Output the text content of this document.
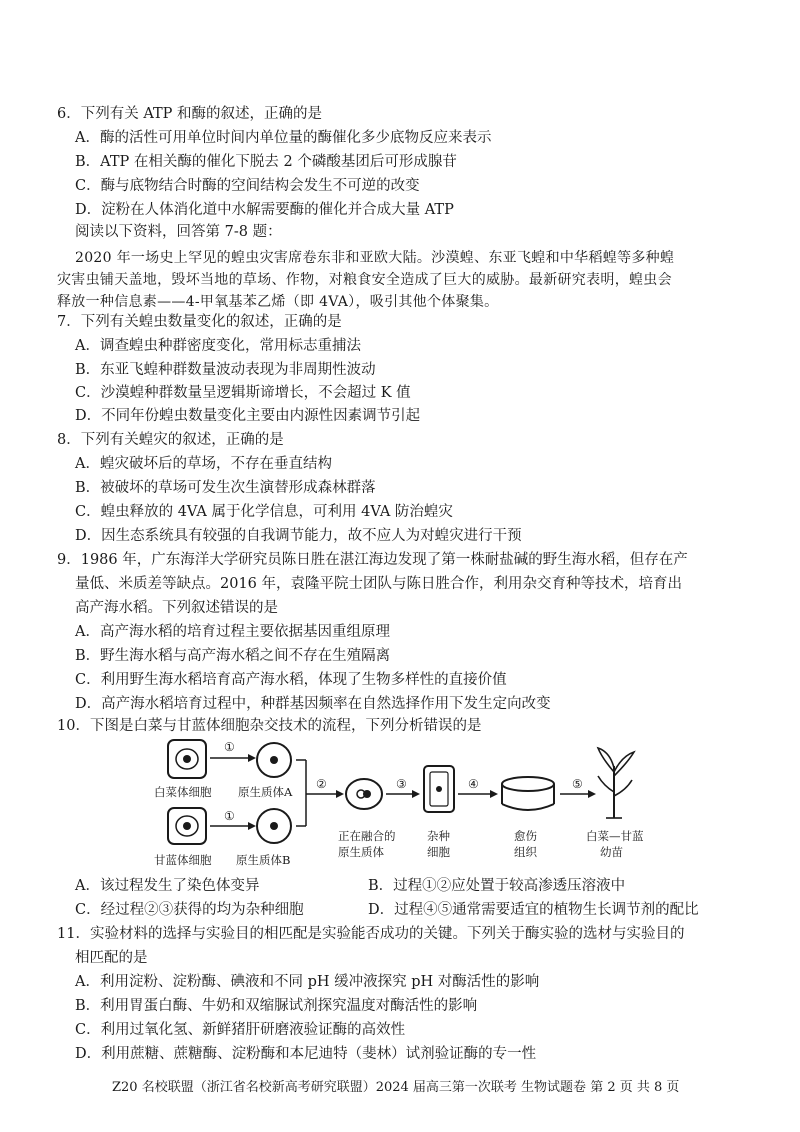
6．下列有关 ATP 和酶的叙述，正确的是
A．酶的活性可用单位时间内单位量的酶催化多少底物反应来表示
B．ATP 在相关酶的催化下脱去 2 个磷酸基团后可形成腺苷
C．酶与底物结合时酶的空间结构会发生不可逆的改变
D．淀粉在人体消化道中水解需要酶的催化并合成大量 ATP
阅读以下资料，回答第 7-8 题：
2020 年一场史上罕见的蝗虫灾害席卷东非和亚欧大陆。沙漠蝗、东亚飞蝗和中华稻蝗等多种蝗
灾害虫铺天盖地，毁坏当地的草场、作物，对粮食安全造成了巨大的威胁。最新研究表明，蝗虫会
释放一种信息素——4-甲氧基苯乙烯（即 4VA），吸引其他个体聚集。
7．下列有关蝗虫数量变化的叙述，正确的是
A．调查蝗虫种群密度变化，常用标志重捕法
B．东亚飞蝗种群数量波动表现为非周期性波动
C．沙漠蝗种群数量呈逻辑斯谛增长，不会超过 K 值
D．不同年份蝗虫数量变化主要由内源性因素调节引起
8．下列有关蝗灾的叙述，正确的是
A．蝗灾破坏后的草场，不存在垂直结构
B．被破坏的草场可发生次生演替形成森林群落
C．蝗虫释放的 4VA 属于化学信息，可利用 4VA 防治蝗灾
D．因生态系统具有较强的自我调节能力，故不应人为对蝗灾进行干预
9．1986 年，广东海洋大学研究员陈日胜在湛江海边发现了第一株耐盐碱的野生海水稻，但存在产
量低、米质差等缺点。2016 年，袁隆平院士团队与陈日胜合作，利用杂交育种等技术，培育出
高产海水稻。下列叙述错误的是
A．高产海水稻的培育过程主要依据基因重组原理
B．野生海水稻与高产海水稻之间不存在生殖隔离
C．利用野生海水稻培育高产海水稻，体现了生物多样性的直接价值
D．高产海水稻培育过程中，种群基因频率在自然选择作用下发生定向改变
10．下图是白菜与甘蓝体细胞杂交技术的流程，下列分析错误的是
①
白菜体细胞 原生质体A
①
甘蓝体细胞 原生质体B
②
正在融合的
原生质体
③
杂种
细胞
④
愈伤
组织
⑤
白菜—甘蓝
幼苗
A．该过程发生了染色体变异	B．过程①②应处置于较高渗透压溶液中
C．经过程②③获得的均为杂种细胞	D．过程④⑤通常需要适宜的植物生长调节剂的配比
11．实验材料的选择与实验目的相匹配是实验能否成功的关键。下列关于酶实验的选材与实验目的
相匹配的是
A．利用淀粉、淀粉酶、碘液和不同 pH 缓冲液探究 pH 对酶活性的影响
B．利用胃蛋白酶、牛奶和双缩脲试剂探究温度对酶活性的影响
C．利用过氧化氢、新鲜猪肝研磨液验证酶的高效性
D．利用蔗糖、蔗糖酶、淀粉酶和本尼迪特（斐林）试剂验证酶的专一性
Z20 名校联盟（浙江省名校新高考研究联盟）2024 届高三第一次联考 生物试题卷 第 2 页 共 8 页
